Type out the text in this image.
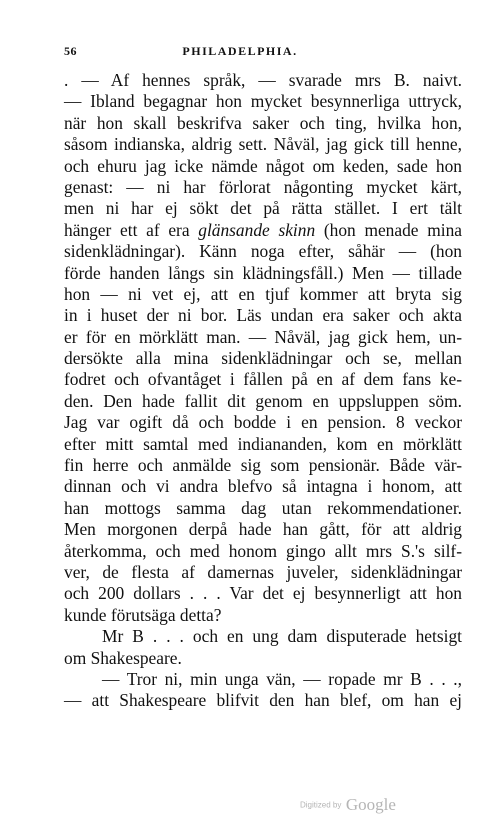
56	PHILADELPHIA.
. — Af hennes språk, — svarade mrs B. naivt.
— Ibland begagnar hon mycket besynnerliga uttryck,
när hon skall beskrifva saker och ting, hvilka hon,
såsom indianska, aldrig sett. Nåväl, jag gick till henne,
och ehuru jag icke nämde något om keden, sade hon
genast: — ni har förlorat någonting mycket kärt,
men ni har ej sökt det på rätta stället. I ert tält
hänger ett af era glänsande skinn (hon menade mina
sidenklädningar). Känn noga efter, såhär — (hon
förde handen långs sin klädningsfåll.) Men — tillade
hon — ni vet ej, att en tjuf kommer att bryta sig
in i huset der ni bor. Läs undan era saker och akta
er för en mörklätt man. — Nåväl, jag gick hem, un-
dersökte alla mina sidenklädningar och se, mellan
fodret och ofvantåget i fållen på en af dem fans ke-
den. Den hade fallit dit genom en uppsluppen söm.
Jag var ogift då och bodde i en pension. 8 veckor
efter mitt samtal med indiananden, kom en mörklätt
fin herre och anmälde sig som pensionär. Både vär-
dinnan och vi andra blefvo så intagna i honom, att
han mottogs samma dag utan rekommendationer.
Men morgonen derpå hade han gått, för att aldrig
återkomma, och med honom gingo allt mrs S.'s silf-
ver, de flesta af damernas juveler, sidenklädningar
och 200 dollars . . . Var det ej besynnerligt att hon
kunde förutsäga detta?
Mr B . . . och en ung dam disputerade hetsigt
om Shakespeare.
— Tror ni, min unga vän, — ropade mr B . . .,
— att Shakespeare blifvit den han blef, om han ej
Digitized by Google
